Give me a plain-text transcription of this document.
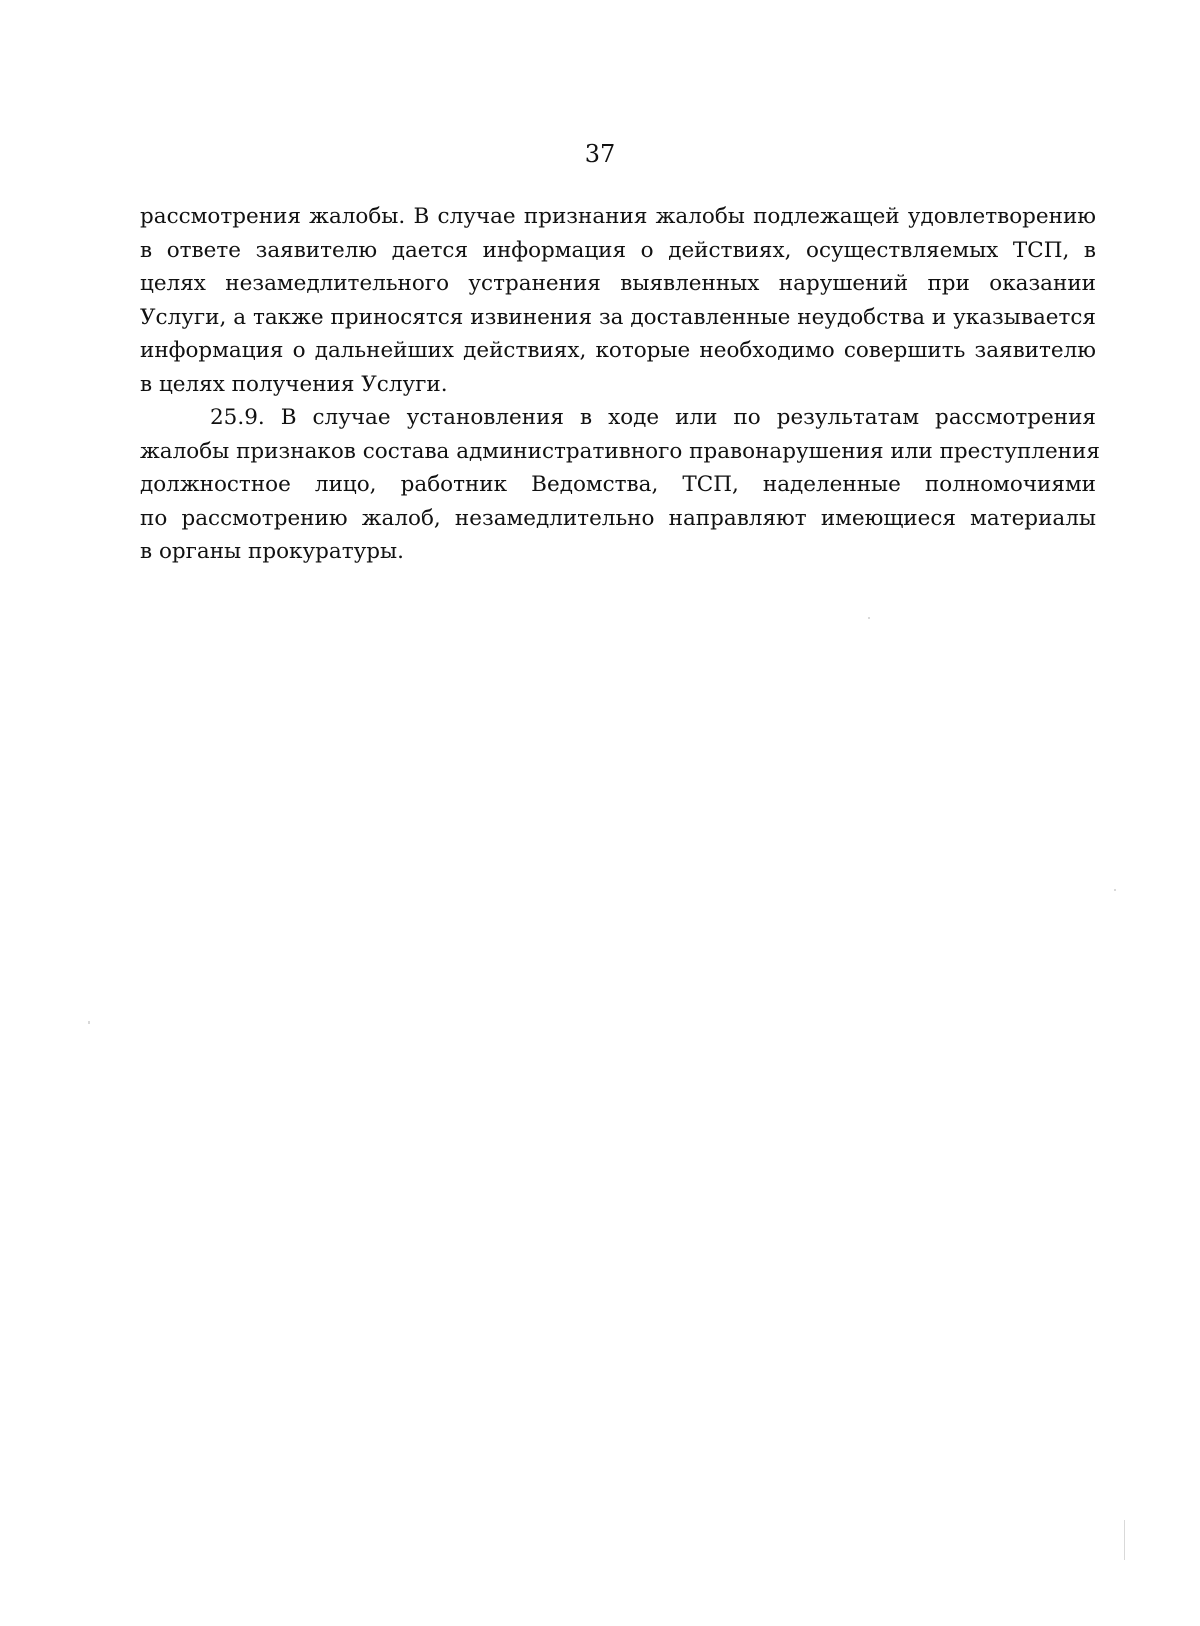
37
рассмотрения жалобы. В случае признания жалобы подлежащей удовлетворению
в ответе заявителю дается информация о действиях, осуществляемых ТСП, в
целях незамедлительного устранения выявленных нарушений при оказании
Услуги, а также приносятся извинения за доставленные неудобства и указывается
информация о дальнейших действиях, которые необходимо совершить заявителю
в целях получения Услуги.
25.9. В случае установления в ходе или по результатам рассмотрения
жалобы признаков состава административного правонарушения или преступления
должностное лицо, работник Ведомства, ТСП, наделенные полномочиями
по рассмотрению жалоб, незамедлительно направляют имеющиеся материалы
в органы прокуратуры.
